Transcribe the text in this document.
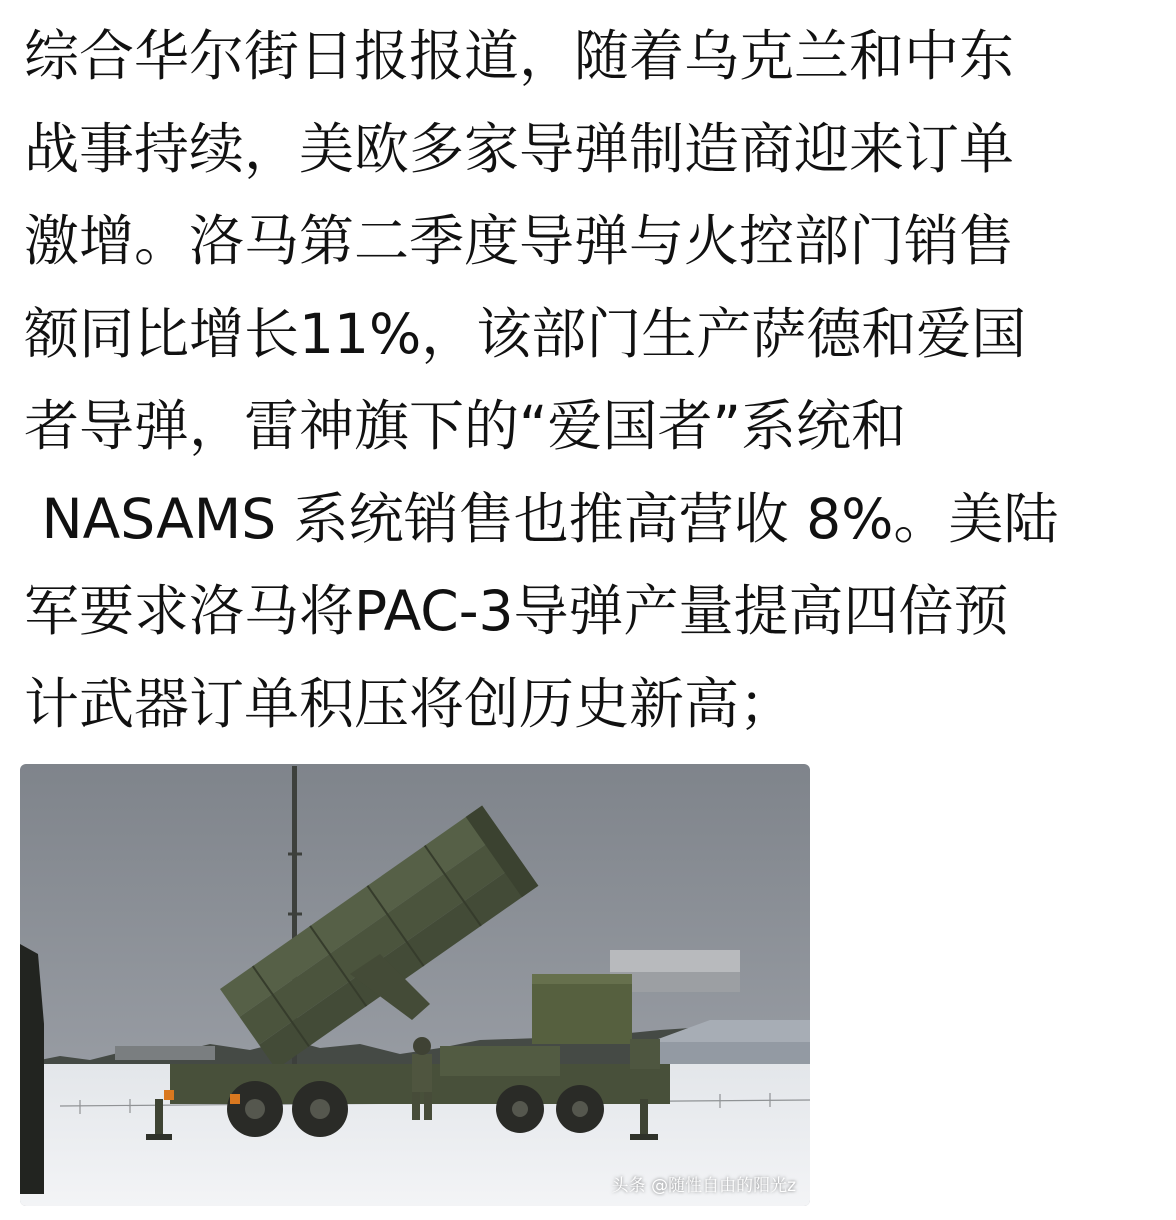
综合华尔街日报报道，随着乌克兰和中东
战事持续，美欧多家导弹制造商迎来订单
激增。洛马第二季度导弹与火控部门销售
额同比增长11%，该部门生产萨德和爱国
者导弹，雷神旗下的“爱国者”系统和
NASAMS 系统销售也推高营收 8%。美陆
军要求洛马将PAC-3导弹产量提高四倍预
计武器订单积压将创历史新高；
头条 @随性自由的阳光z
